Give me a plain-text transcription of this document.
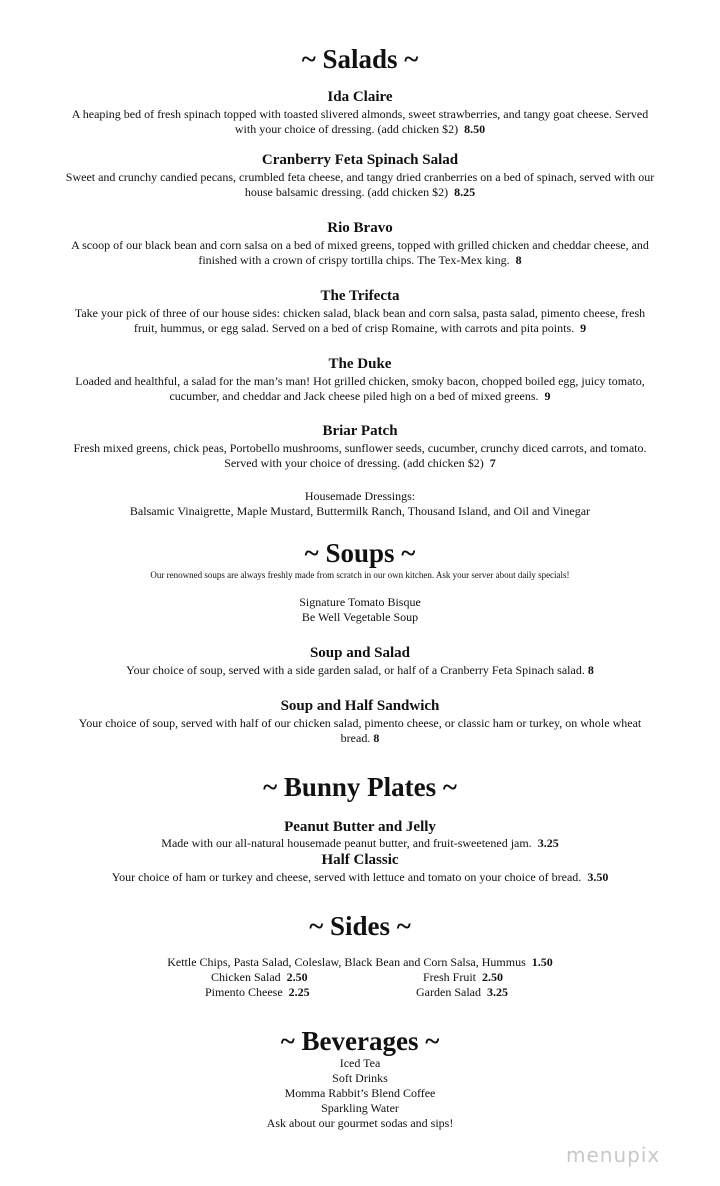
~ Salads ~
Ida Claire
A heaping bed of fresh spinach topped with toasted slivered almonds, sweet strawberries, and tangy goat cheese. Served
with your choice of dressing. (add chicken $2) 8.50
Cranberry Feta Spinach Salad
Sweet and crunchy candied pecans, crumbled feta cheese, and tangy dried cranberries on a bed of spinach, served with our
house balsamic dressing. (add chicken $2) 8.25
Rio Bravo
A scoop of our black bean and corn salsa on a bed of mixed greens, topped with grilled chicken and cheddar cheese, and
finished with a crown of crispy tortilla chips. The Tex-Mex king. 8
The Trifecta
Take your pick of three of our house sides: chicken salad, black bean and corn salsa, pasta salad, pimento cheese, fresh
fruit, hummus, or egg salad. Served on a bed of crisp Romaine, with carrots and pita points. 9
The Duke
Loaded and healthful, a salad for the man’s man! Hot grilled chicken, smoky bacon, chopped boiled egg, juicy tomato,
cucumber, and cheddar and Jack cheese piled high on a bed of mixed greens. 9
Briar Patch
Fresh mixed greens, chick peas, Portobello mushrooms, sunflower seeds, cucumber, crunchy diced carrots, and tomato.
Served with your choice of dressing. (add chicken $2) 7
Housemade Dressings:
Balsamic Vinaigrette, Maple Mustard, Buttermilk Ranch, Thousand Island, and Oil and Vinegar
~ Soups ~
Our renowned soups are always freshly made from scratch in our own kitchen. Ask your server about daily specials!
Signature Tomato Bisque
Be Well Vegetable Soup
Soup and Salad
Your choice of soup, served with a side garden salad, or half of a Cranberry Feta Spinach salad. 8
Soup and Half Sandwich
Your choice of soup, served with half of our chicken salad, pimento cheese, or classic ham or turkey, on whole wheat
bread. 8
~ Bunny Plates ~
Peanut Butter and Jelly
Made with our all-natural housemade peanut butter, and fruit-sweetened jam. 3.25
Half Classic
Your choice of ham or turkey and cheese, served with lettuce and tomato on your choice of bread. 3.50
~ Sides ~
Kettle Chips, Pasta Salad, Coleslaw, Black Bean and Corn Salsa, Hummus 1.50
Chicken Salad 2.50	Fresh Fruit 2.50
Pimento Cheese 2.25	Garden Salad 3.25
~ Beverages ~
Iced Tea
Soft Drinks
Momma Rabbit’s Blend Coffee
Sparkling Water
Ask about our gourmet sodas and sips!
menupix
